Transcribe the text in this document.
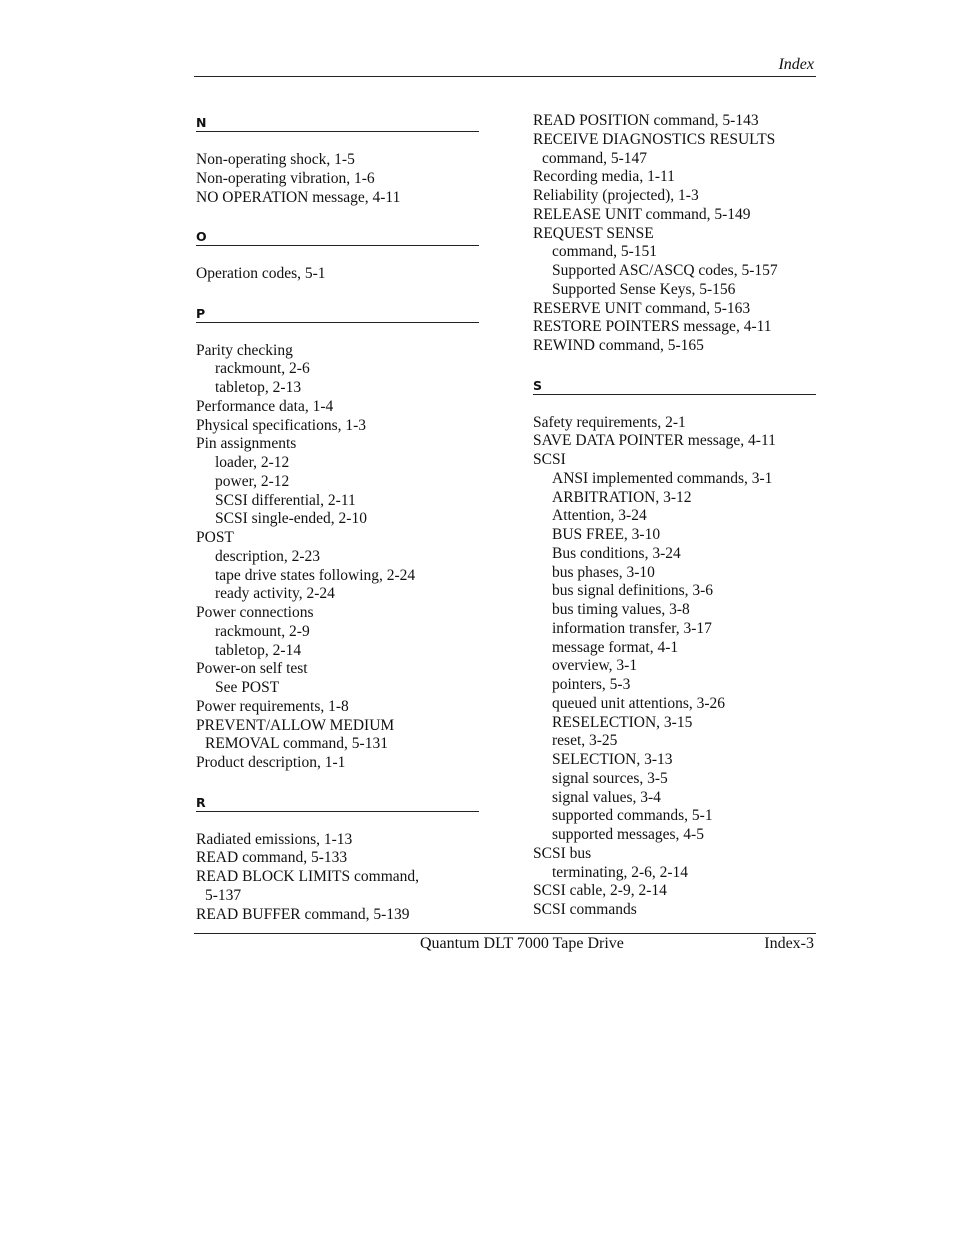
Index
N
Non-operating shock, 1-5
Non-operating vibration, 1-6
NO OPERATION message, 4-11
O
Operation codes, 5-1
P
Parity checking
rackmount, 2-6
tabletop, 2-13
Performance data, 1-4
Physical specifications, 1-3
Pin assignments
loader, 2-12
power, 2-12
SCSI differential, 2-11
SCSI single-ended, 2-10
POST
description, 2-23
tape drive states following, 2-24
ready activity, 2-24
Power connections
rackmount, 2-9
tabletop, 2-14
Power-on self test
See POST
Power requirements, 1-8
PREVENT/ALLOW MEDIUM
REMOVAL command, 5-131
Product description, 1-1
R
Radiated emissions, 1-13
READ command, 5-133
READ BLOCK LIMITS command,
5-137
READ BUFFER command, 5-139
READ POSITION command, 5-143
RECEIVE DIAGNOSTICS RESULTS
command, 5-147
Recording media, 1-11
Reliability (projected), 1-3
RELEASE UNIT command, 5-149
REQUEST SENSE
command, 5-151
Supported ASC/ASCQ codes, 5-157
Supported Sense Keys, 5-156
RESERVE UNIT command, 5-163
RESTORE POINTERS message, 4-11
REWIND command, 5-165
S
Safety requirements, 2-1
SAVE DATA POINTER message, 4-11
SCSI
ANSI implemented commands, 3-1
ARBITRATION, 3-12
Attention, 3-24
BUS FREE, 3-10
Bus conditions, 3-24
bus phases, 3-10
bus signal definitions, 3-6
bus timing values, 3-8
information transfer, 3-17
message format, 4-1
overview, 3-1
pointers, 5-3
queued unit attentions, 3-26
RESELECTION, 3-15
reset, 3-25
SELECTION, 3-13
signal sources, 3-5
signal values, 3-4
supported commands, 5-1
supported messages, 4-5
SCSI bus
terminating, 2-6, 2-14
SCSI cable, 2-9, 2-14
SCSI commands
Quantum DLT 7000 Tape Drive	Index-3
